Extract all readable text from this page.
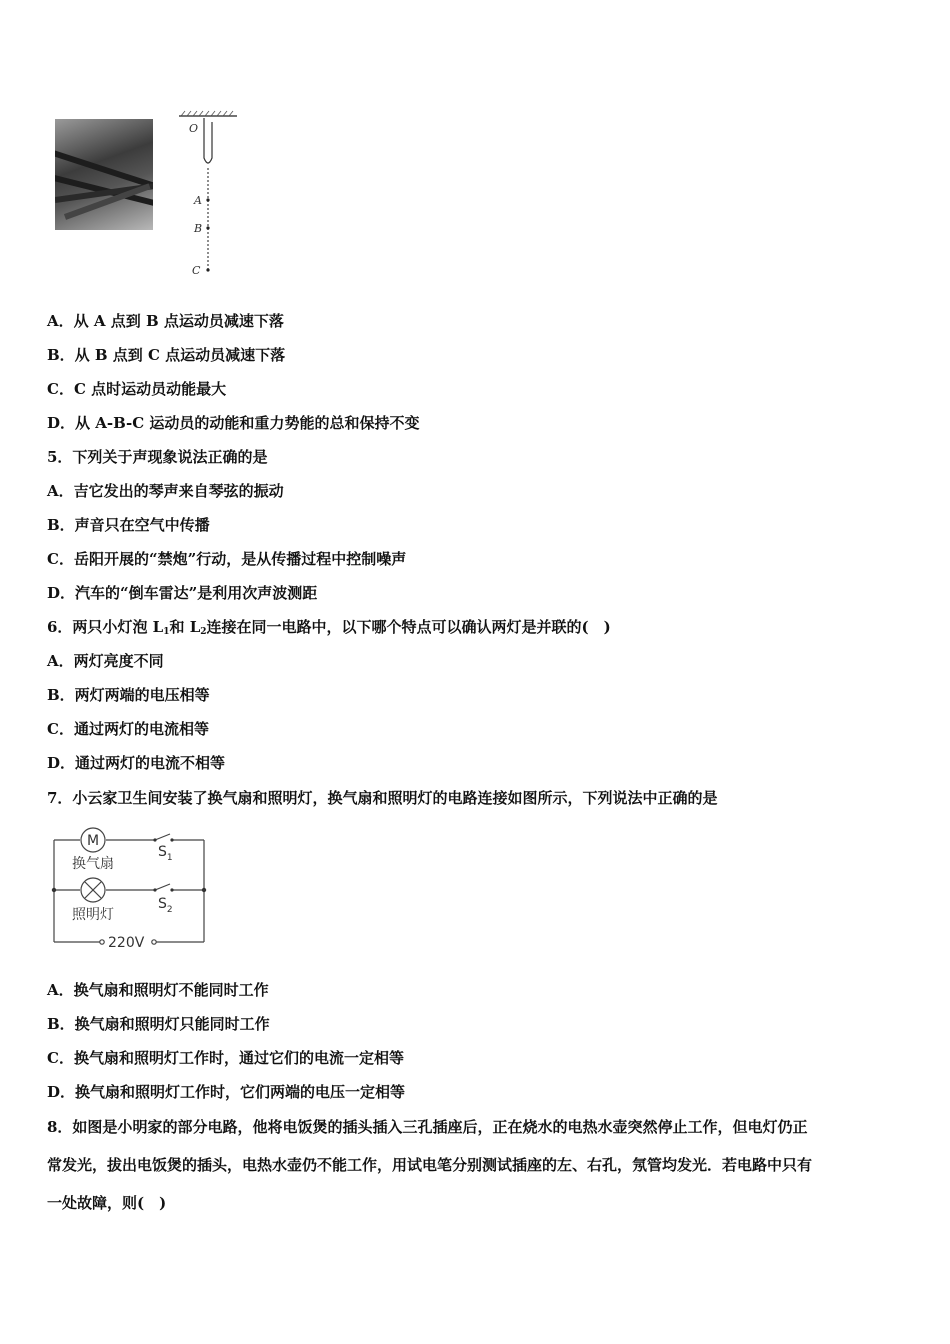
O
A
B
C
A．从 A 点到 B 点运动员减速下落
B．从 B 点到 C 点运动员减速下落
C．C 点时运动员动能最大
D．从 A-B-C 运动员的动能和重力势能的总和保持不变
5．下列关于声现象说法正确的是
A．吉它发出的琴声来自琴弦的振动
B．声音只在空气中传播
C．岳阳开展的“禁炮”行动，是从传播过程中控制噪声
D．汽车的“倒车雷达”是利用次声波测距
6．两只小灯泡 $L_1$和 $L_2$连接在同一电路中，以下哪个特点可以确认两灯是并联的(　)
A．两灯亮度不同
B．两灯两端的电压相等
C．通过两灯的电流相等
D．通过两灯的电流不相等
7．小云家卫生间安装了换气扇和照明灯，换气扇和照明灯的电路连接如图所示，下列说法中正确的是
M
换气扇
照明灯
$S_1$
$S_2$
220V
A．换气扇和照明灯不能同时工作
B．换气扇和照明灯只能同时工作
C．换气扇和照明灯工作时，通过它们的电流一定相等
D．换气扇和照明灯工作时，它们两端的电压一定相等
8．如图是小明家的部分电路，他将电饭煲的插头插入三孔插座后，正在烧水的电热水壶突然停止工作，但电灯仍正
常发光，拔出电饭煲的插头，电热水壶仍不能工作，用试电笔分别测试插座的左、右孔，氖管均发光．若电路中只有
一处故障，则(　)
